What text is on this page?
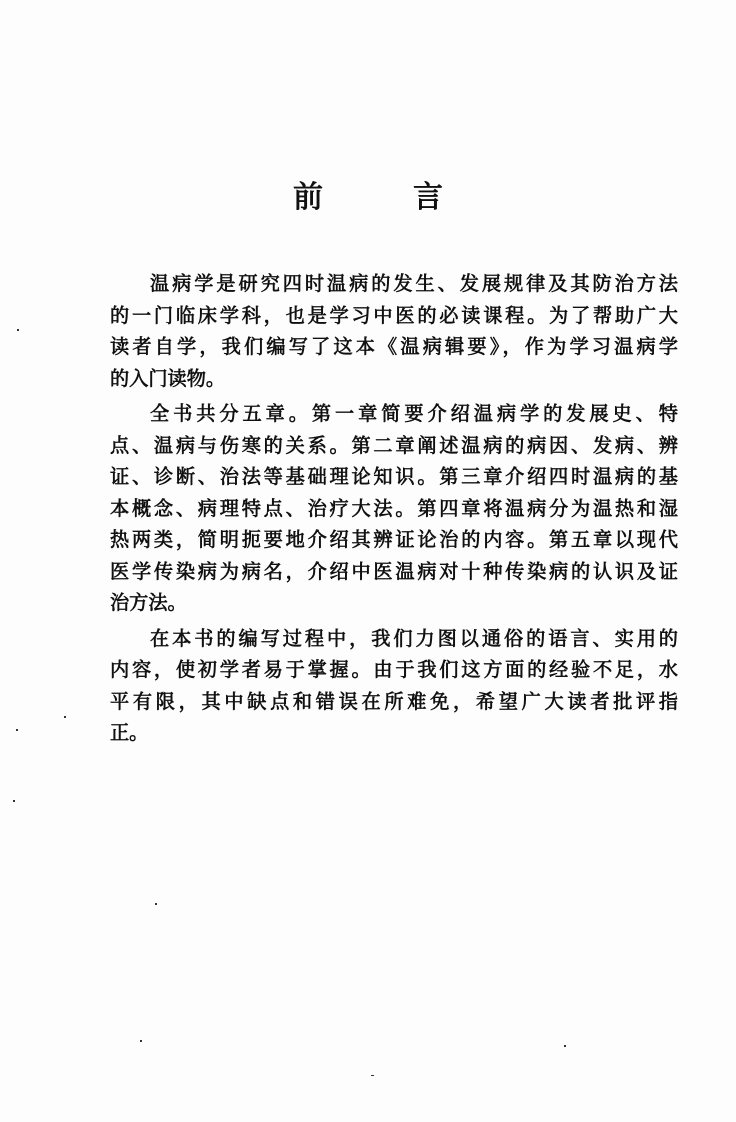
前	言
温病学是研究四时温病的发生、发展规律及其防治方法
的一门临床学科，也是学习中医的必读课程。为了帮助广大
读者自学，我们编写了这本《温病辑要》，作为学习温病学
的入门读物。
全书共分五章。第一章简要介绍温病学的发展史、特
点、温病与伤寒的关系。第二章阐述温病的病因、发病、辨
证、诊断、治法等基础理论知识。第三章介绍四时温病的基
本概念、病理特点、治疗大法。第四章将温病分为温热和湿
热两类，简明扼要地介绍其辨证论治的内容。第五章以现代
医学传染病为病名，介绍中医温病对十种传染病的认识及证
治方法。
在本书的编写过程中，我们力图以通俗的语言、实用的
内容，使初学者易于掌握。由于我们这方面的经验不足，水
平有限，其中缺点和错误在所难免，希望广大读者批评指
正。
